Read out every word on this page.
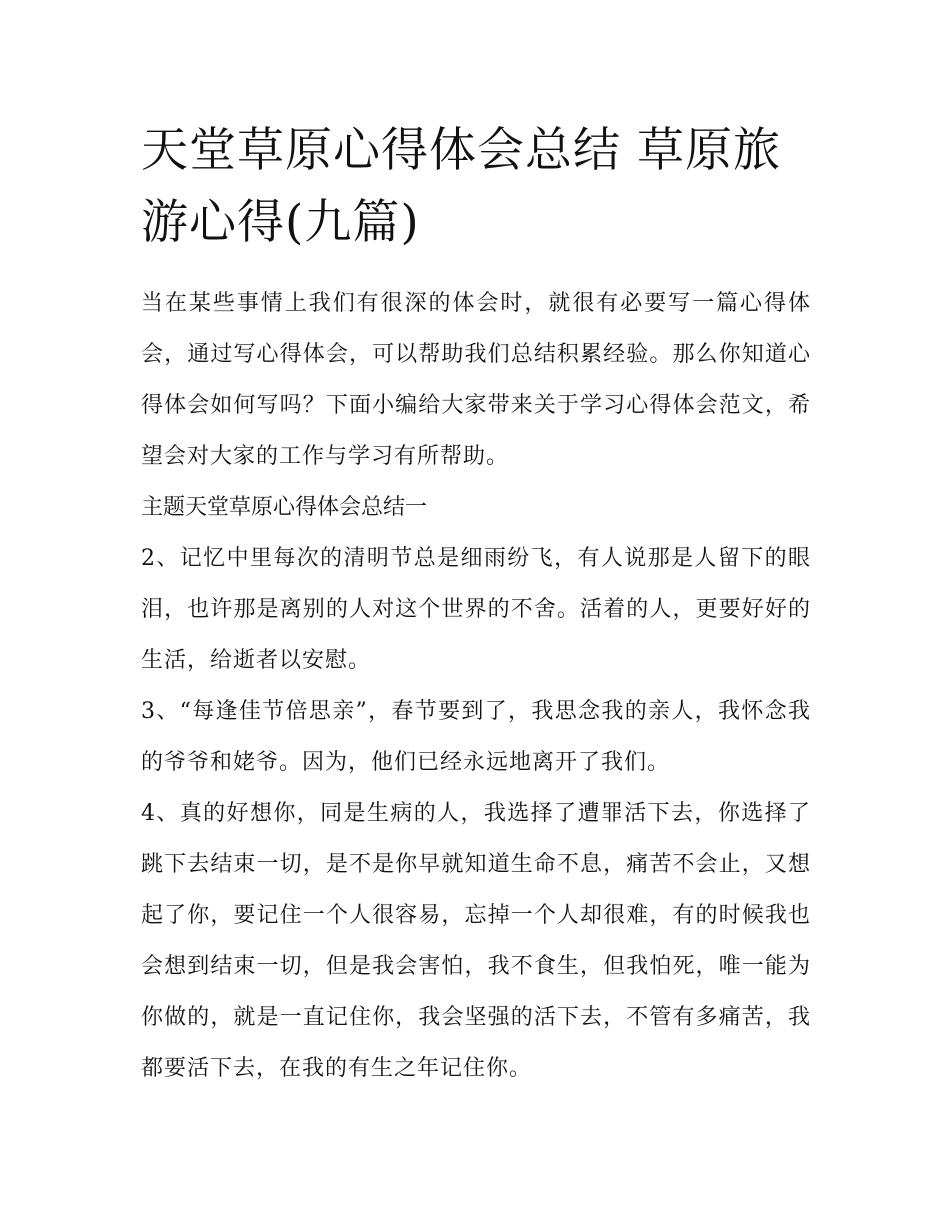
天堂草原心得体会总结 草原旅游心得(九篇)

当在某些事情上我们有很深的体会时，就很有必要写一篇心得体会，通过写心得体会，可以帮助我们总结积累经验。那么你知道心得体会如何写吗？下面小编给大家带来关于学习心得体会范文，希望会对大家的工作与学习有所帮助。

主题天堂草原心得体会总结一

2、记忆中里每次的清明节总是细雨纷飞，有人说那是人留下的眼泪，也许那是离别的人对这个世界的不舍。活着的人，更要好好的生活，给逝者以安慰。

3、“每逢佳节倍思亲”，春节要到了，我思念我的亲人，我怀念我的爷爷和姥爷。因为，他们已经永远地离开了我们。

4、真的好想你，同是生病的人，我选择了遭罪活下去，你选择了跳下去结束一切，是不是你早就知道生命不息，痛苦不会止，又想起了你，要记住一个人很容易，忘掉一个人却很难，有的时候我也会想到结束一切，但是我会害怕，我不食生，但我怕死，唯一能为你做的，就是一直记住你，我会坚强的活下去，不管有多痛苦，我都要活下去，在我的有生之年记住你。
